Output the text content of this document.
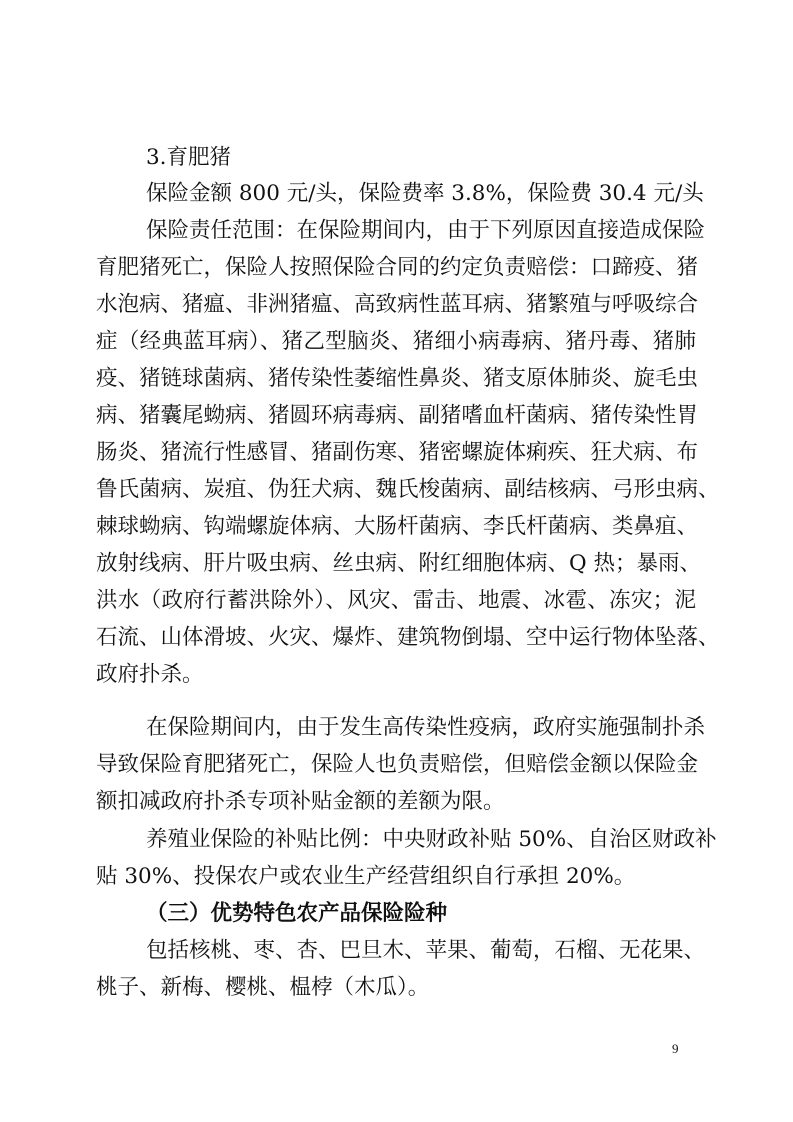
3.育肥猪
保险金额 800 元/头，保险费率 3.8%，保险费 30.4 元/头
保险责任范围：在保险期间内，由于下列原因直接造成保险
育肥猪死亡，保险人按照保险合同的约定负责赔偿：口蹄疫、猪
水泡病、猪瘟、非洲猪瘟、高致病性蓝耳病、猪繁殖与呼吸综合
症（经典蓝耳病）、猪乙型脑炎、猪细小病毒病、猪丹毒、猪肺
疫、猪链球菌病、猪传染性萎缩性鼻炎、猪支原体肺炎、旋毛虫
病、猪囊尾蚴病、猪圆环病毒病、副猪嗜血杆菌病、猪传染性胃
肠炎、猪流行性感冒、猪副伤寒、猪密螺旋体痢疾、狂犬病、布
鲁氏菌病、炭疽、伪狂犬病、魏氏梭菌病、副结核病、弓形虫病、
棘球蚴病、钩端螺旋体病、大肠杆菌病、李氏杆菌病、类鼻疽、
放射线病、肝片吸虫病、丝虫病、附红细胞体病、Q 热；暴雨、
洪水（政府行蓄洪除外）、风灾、雷击、地震、冰雹、冻灾；泥
石流、山体滑坡、火灾、爆炸、建筑物倒塌、空中运行物体坠落、
政府扑杀。
在保险期间内，由于发生高传染性疫病，政府实施强制扑杀
导致保险育肥猪死亡，保险人也负责赔偿，但赔偿金额以保险金
额扣减政府扑杀专项补贴金额的差额为限。
养殖业保险的补贴比例：中央财政补贴 50%、自治区财政补
贴 30%、投保农户或农业生产经营组织自行承担 20%。
（三）优势特色农产品保险险种
包括核桃、枣、杏、巴旦木、苹果、葡萄，石榴、无花果、
桃子、新梅、樱桃、榅桲（木瓜）。
9
